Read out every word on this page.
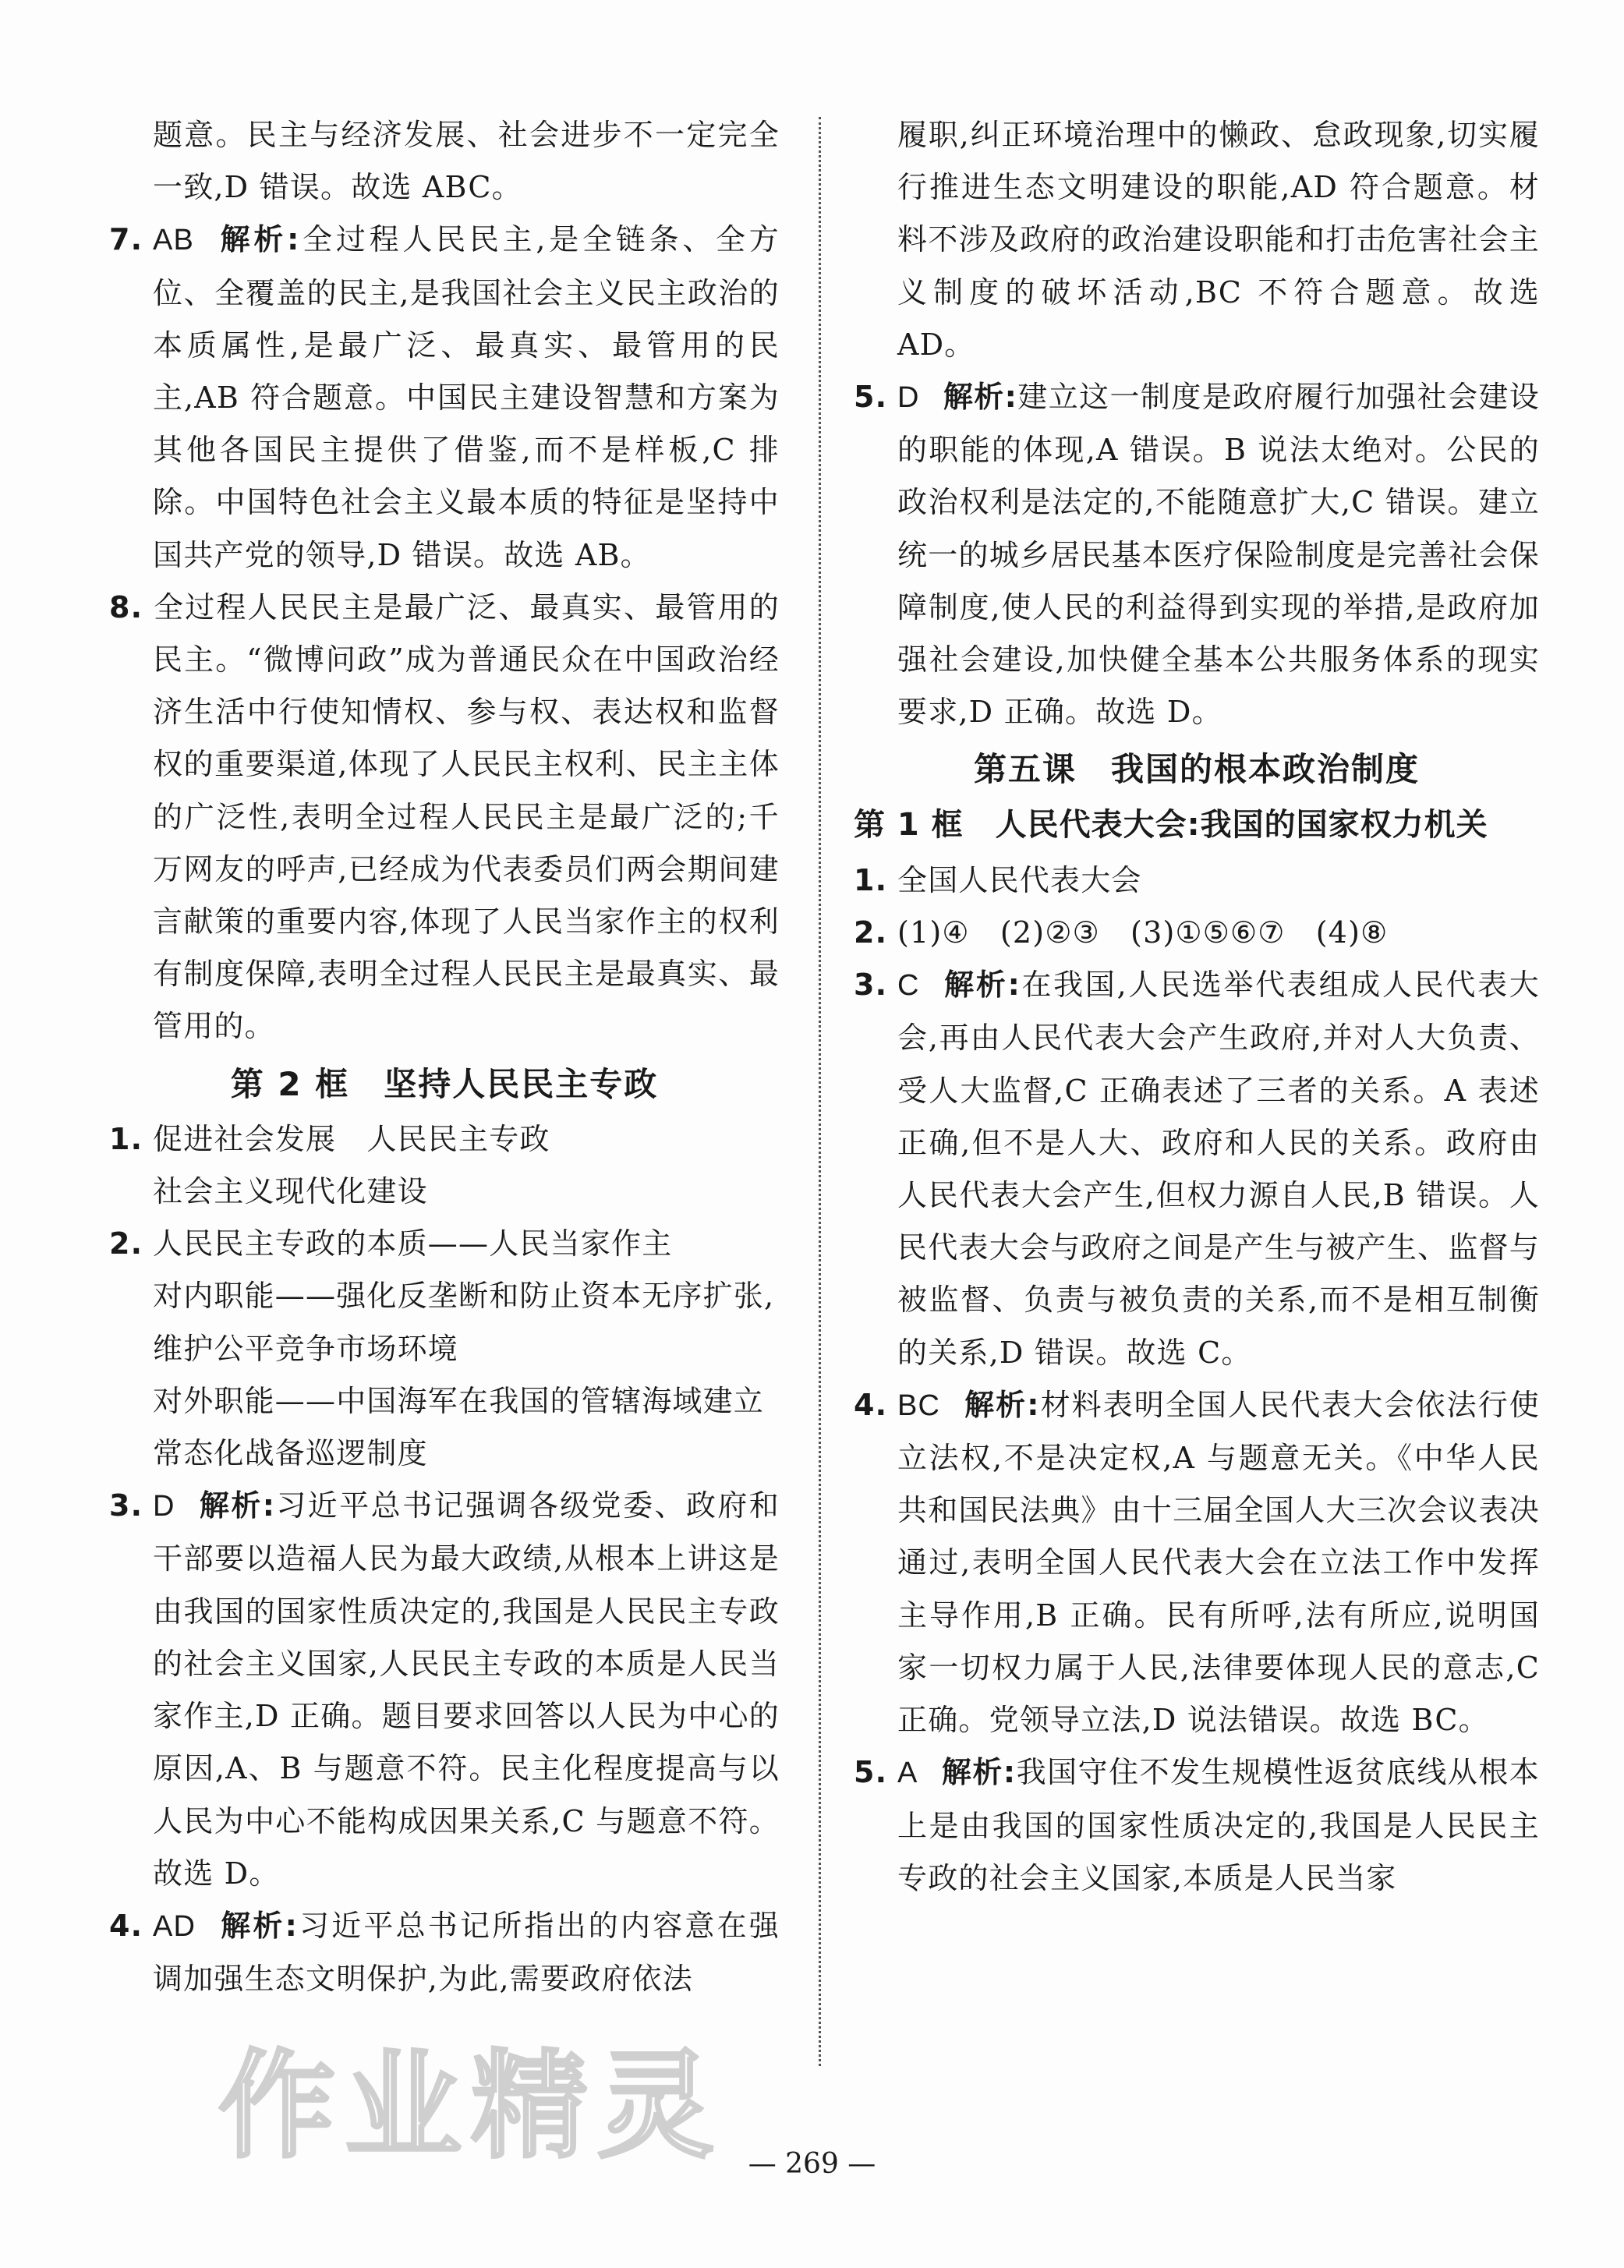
题意。民主与经济发展、社会进步不一定完全一致,D 错误。故选 ABC。

7. AB 解析:全过程人民民主,是全链条、全方位、全覆盖的民主,是我国社会主义民主政治的本质属性,是最广泛、最真实、最管用的民主,AB 符合题意。中国民主建设智慧和方案为其他各国民主提供了借鉴,而不是样板,C 排除。中国特色社会主义最本质的特征是坚持中国共产党的领导,D 错误。故选 AB。

8. 全过程人民民主是最广泛、最真实、最管用的民主。“微博问政”成为普通民众在中国政治经济生活中行使知情权、参与权、表达权和监督权的重要渠道,体现了人民民主权利、民主主体的广泛性,表明全过程人民民主是最广泛的;千万网友的呼声,已经成为代表委员们两会期间建言献策的重要内容,体现了人民当家作主的权利有制度保障,表明全过程人民民主是最真实、最管用的。

第 2 框　坚持人民民主专政

1. 促进社会发展　人民民主专政

社会主义现代化建设

2. 人民民主专政的本质——人民当家作主

对内职能——强化反垄断和防止资本无序扩张,维护公平竞争市场环境

对外职能——中国海军在我国的管辖海域建立常态化战备巡逻制度

3. D 解析:习近平总书记强调各级党委、政府和干部要以造福人民为最大政绩,从根本上讲这是由我国的国家性质决定的,我国是人民民主专政的社会主义国家,人民民主专政的本质是人民当家作主,D 正确。题目要求回答以人民为中心的原因,A、B 与题意不符。民主化程度提高与以人民为中心不能构成因果关系,C 与题意不符。故选 D。

4. AD 解析:习近平总书记所指出的内容意在强调加强生态文明保护,为此,需要政府依法

履职,纠正环境治理中的懒政、怠政现象,切实履行推进生态文明建设的职能,AD 符合题意。材料不涉及政府的政治建设职能和打击危害社会主义制度的破坏活动,BC 不符合题意。故选 AD。

5. D 解析:建立这一制度是政府履行加强社会建设的职能的体现,A 错误。B 说法太绝对。公民的政治权利是法定的,不能随意扩大,C 错误。建立统一的城乡居民基本医疗保险制度是完善社会保障制度,使人民的利益得到实现的举措,是政府加强社会建设,加快健全基本公共服务体系的现实要求,D 正确。故选 D。

第五课　我国的根本政治制度

第 1 框　人民代表大会:我国的国家权力机关

1. 全国人民代表大会

2. (1)④　(2)②③　(3)①⑤⑥⑦　(4)⑧

3. C 解析:在我国,人民选举代表组成人民代表大会,再由人民代表大会产生政府,并对人大负责、受人大监督,C 正确表述了三者的关系。A 表述正确,但不是人大、政府和人民的关系。政府由人民代表大会产生,但权力源自人民,B 错误。人民代表大会与政府之间是产生与被产生、监督与被监督、负责与被负责的关系,而不是相互制衡的关系,D 错误。故选 C。

4. BC 解析:材料表明全国人民代表大会依法行使立法权,不是决定权,A 与题意无关。《中华人民共和国民法典》由十三届全国人大三次会议表决通过,表明全国人民代表大会在立法工作中发挥主导作用,B 正确。民有所呼,法有所应,说明国家一切权力属于人民,法律要体现人民的意志,C 正确。党领导立法,D 说法错误。故选 BC。

5. A 解析:我国守住不发生规模性返贫底线从根本上是由我国的国家性质决定的,我国是人民民主专政的社会主义国家,本质是人民当家

作业精灵 — 269 —
